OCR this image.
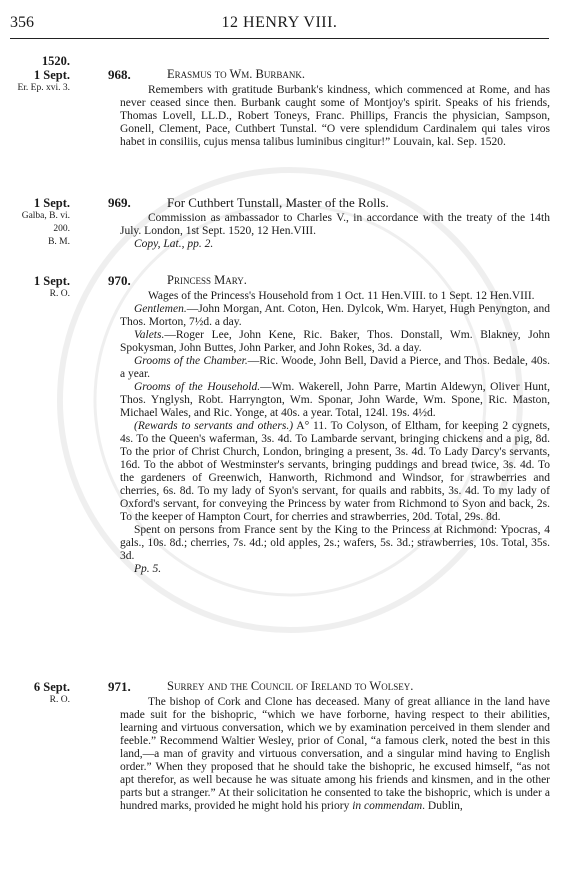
356	12 HENRY VIII.
1520.
1 Sept.
Er. Ep. xvi. 3.
968.	Erasmus to Wm. Burbank.

Remembers with gratitude Burbank's kindness, which commenced at Rome, and has never ceased since then. Burbank caught some of Montjoy's spirit. Speaks of his friends, Thomas Lovell, LL.D., Robert Toneys, Franc. Phillips, Francis the physician, Sampson, Gonell, Clement, Pace, Cuthbert Tunstal. “O vere splendidum Cardinalem qui tales viros habet in consiliis, cujus mensa talibus luminibus cingitur!” Louvain, kal. Sep. 1520.

1 Sept.
Galba, B. vi. 200.
B. M.
969.	For Cuthbert Tunstall, Master of the Rolls.

Commission as ambassador to Charles V., in accordance with the treaty of the 14th July. London, 1st Sept. 1520, 12 Hen.VIII.

Copy, Lat., pp. 2.

1 Sept.
R. O.
970.	Princess Mary.

Wages of the Princess's Household from 1 Oct. 11 Hen.VIII. to 1 Sept. 12 Hen.VIII.

Gentlemen.—John Morgan, Ant. Coton, Hen. Dylcok, Wm. Haryet, Hugh Penyngton, and Thos. Morton, 7½d. a day.

Valets.—Roger Lee, John Kene, Ric. Baker, Thos. Donstall, Wm. Blakney, John Spokysman, John Buttes, John Parker, and John Rokes, 3d. a day.

Grooms of the Chamber.—Ric. Woode, John Bell, David a Pierce, and Thos. Bedale, 40s. a year.

Grooms of the Household.—Wm. Wakerell, John Parre, Martin Aldewyn, Oliver Hunt, Thos. Ynglysh, Robt. Harryngton, Wm. Sponar, John Warde, Wm. Spone, Ric. Maston, Michael Wales, and Ric. Yonge, at 40s. a year. Total, 124l. 19s. 4½d.

(Rewards to servants and others.) A° 11. To Colyson, of Eltham, for keeping 2 cygnets, 4s. To the Queen's waferman, 3s. 4d. To Lambarde servant, bringing chickens and a pig, 8d. To the prior of Christ Church, London, bringing a present, 3s. 4d. To Lady Darcy's servants, 16d. To the abbot of Westminster's servants, bringing puddings and bread twice, 3s. 4d. To the gardeners of Greenwich, Hanworth, Richmond and Windsor, for strawberries and cherries, 6s. 8d. To my lady of Syon's servant, for quails and rabbits, 3s. 4d. To my lady of Oxford's servant, for conveying the Princess by water from Richmond to Syon and back, 2s. To the keeper of Hampton Court, for cherries and strawberries, 20d. Total, 29s. 8d.

Spent on persons from France sent by the King to the Princess at Richmond: Ypocras, 4 gals., 10s. 8d.; cherries, 7s. 4d.; old apples, 2s.; wafers, 5s. 3d.; strawberries, 10s. Total, 35s. 3d.

Pp. 5.

6 Sept.
R. O.
971.	Surrey and the Council of Ireland to Wolsey.

The bishop of Cork and Clone has deceased. Many of great alliance in the land have made suit for the bishopric, “which we have forborne, having respect to their abilities, learning and virtuous conversation, which we by examination perceived in them slender and feeble.” Recommend Waltier Wesley, prior of Conal, “a famous clerk, noted the best in this land,—a man of gravity and virtuous conversation, and a singular mind having to English order.” When they proposed that he should take the bishopric, he excused himself, “as not apt therefor, as well because he was situate among his friends and kinsmen, and in the other parts but a stranger.” At their solicitation he consented to take the bishopric, which is under a hundred marks, provided he might hold his priory in commendam. Dublin,
